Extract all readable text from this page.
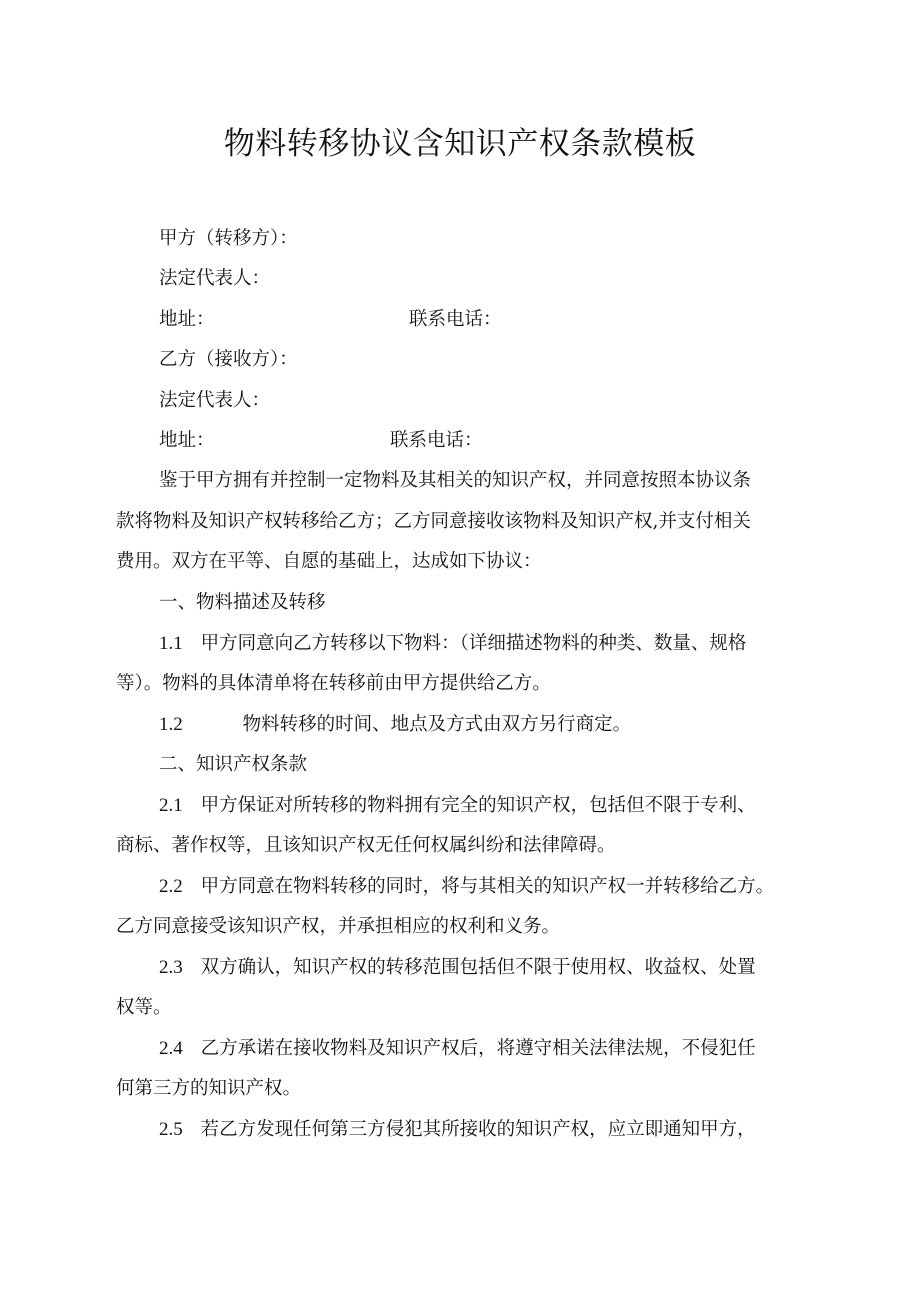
物料转移协议含知识产权条款模板
甲方（转移方）：
法定代表人：
地址：	联系电话：
乙方（接收方）：
法定代表人：
地址：	联系电话：
鉴于甲方拥有并控制一定物料及其相关的知识产权，并同意按照本协议条
款将物料及知识产权转移给乙方；乙方同意接收该物料及知识产权,并支付相关
费用。双方在平等、自愿的基础上，达成如下协议：
一、物料描述及转移
1.1 甲方同意向乙方转移以下物料：（详细描述物料的种类、数量、规格
等）。物料的具体清单将在转移前由甲方提供给乙方。
1.2	物料转移的时间、地点及方式由双方另行商定。
二、知识产权条款
2.1 甲方保证对所转移的物料拥有完全的知识产权，包括但不限于专利、
商标、著作权等，且该知识产权无任何权属纠纷和法律障碍。
2.2 甲方同意在物料转移的同时，将与其相关的知识产权一并转移给乙方。
乙方同意接受该知识产权，并承担相应的权利和义务。
2.3 双方确认，知识产权的转移范围包括但不限于使用权、收益权、处置
权等。
2.4 乙方承诺在接收物料及知识产权后，将遵守相关法律法规，不侵犯任
何第三方的知识产权。
2.5 若乙方发现任何第三方侵犯其所接收的知识产权，应立即通知甲方，
